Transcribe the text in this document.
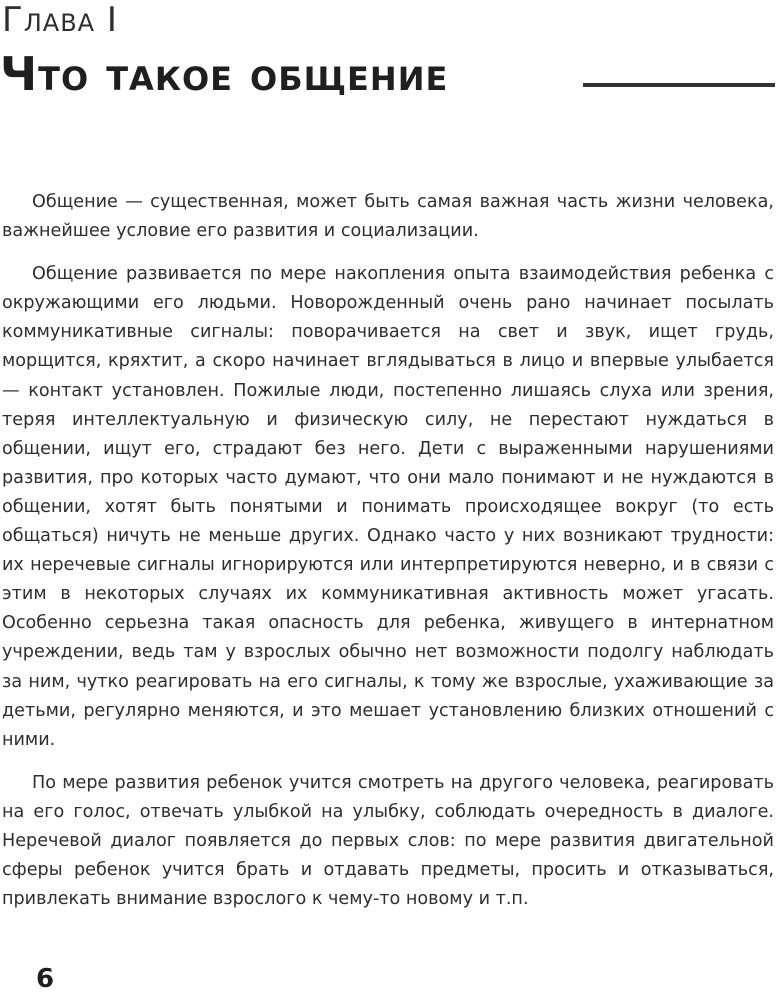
Глава I
Что такое общение

Общение — существенная, может быть самая важная часть жизни человека, важнейшее условие его развития и социализации.

Общение развивается по мере накопления опыта взаимодействия ребенка с окружающими его людьми. Новорожденный очень рано начинает посылать коммуникативные сигналы: поворачивается на свет и звук, ищет грудь, морщится, кряхтит, а скоро начинает вглядываться в лицо и впервые улыбается — контакт установлен. Пожилые люди, постепенно лишаясь слуха или зрения, теряя интеллектуальную и физическую силу, не перестают нуждаться в общении, ищут его, страдают без него. Дети с выраженными нарушениями развития, про которых часто думают, что они мало понимают и не нуждаются в общении, хотят быть понятыми и понимать происходящее вокруг (то есть общаться) ничуть не меньше других. Однако часто у них возникают трудности: их неречевые сигналы игнорируются или интерпретируются неверно, и в связи с этим в некоторых случаях их коммуникативная активность может угасать. Особенно серьезна такая опасность для ребенка, живущего в интернатном учреждении, ведь там у взрослых обычно нет возможности подолгу наблюдать за ним, чутко реагировать на его сигналы, к тому же взрослые, ухаживающие за детьми, регулярно меняются, и это мешает установлению близких отношений с ними.

По мере развития ребенок учится смотреть на другого человека, реагировать на его голос, отвечать улыбкой на улыбку, соблюдать очередность в диалоге. Неречевой диалог появляется до первых слов: по мере развития двигательной сферы ребенок учится брать и отдавать предметы, просить и отказываться, привлекать внимание взрослого к чему-то новому и т.п.

6
